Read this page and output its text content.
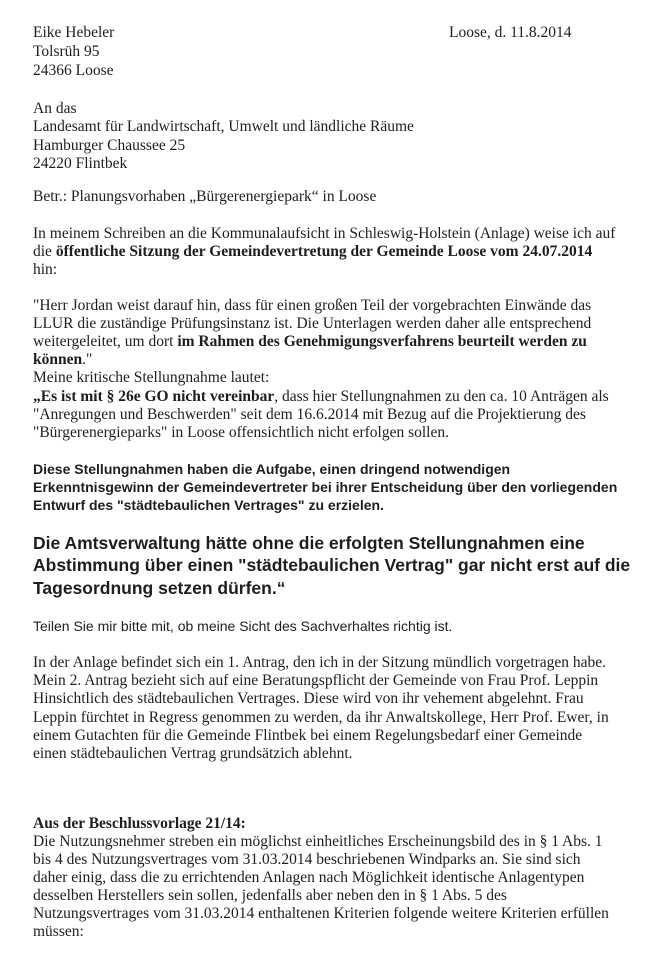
Eike Hebeler
Tolsrüh 95
24366 Loose
Loose, d. 11.8.2014
An das
Landesamt für Landwirtschaft, Umwelt und ländliche Räume
Hamburger Chaussee 25
24220 Flintbek
Betr.: Planungsvorhaben „Bürgerenergiepark“ in Loose
In meinem Schreiben an die Kommunalaufsicht in Schleswig-Holstein (Anlage) weise ich auf
die öffentliche Sitzung der Gemeindevertretung der Gemeinde Loose vom 24.07.2014
hin:
"Herr Jordan weist darauf hin, dass für einen großen Teil der vorgebrachten Einwände das
LLUR die zuständige Prüfungsinstanz ist. Die Unterlagen werden daher alle entsprechend
weitergeleitet, um dort im Rahmen des Genehmigungsverfahrens beurteilt werden zu
können."
Meine kritische Stellungnahme lautet:
„Es ist mit § 26e GO nicht vereinbar, dass hier Stellungnahmen zu den ca. 10 Anträgen als
"Anregungen und Beschwerden" seit dem 16.6.2014 mit Bezug auf die Projektierung des
"Bürgerenergieparks" in Loose offensichtlich nicht erfolgen sollen.
Diese Stellungnahmen haben die Aufgabe, einen dringend notwendigen
Erkenntnisgewinn der Gemeindevertreter bei ihrer Entscheidung über den vorliegenden
Entwurf des "städtebaulichen Vertrages" zu erzielen.
Die Amtsverwaltung hätte ohne die erfolgten Stellungnahmen eine
Abstimmung über einen "städtebaulichen Vertrag" gar nicht erst auf die
Tagesordnung setzen dürfen.“
Teilen Sie mir bitte mit, ob meine Sicht des Sachverhaltes richtig ist.
In der Anlage befindet sich ein 1. Antrag, den ich in der Sitzung mündlich vorgetragen habe.
Mein 2. Antrag bezieht sich auf eine Beratungspflicht der Gemeinde von Frau Prof. Leppin
Hinsichtlich des städtebaulichen Vertrages. Diese wird von ihr vehement abgelehnt. Frau
Leppin fürchtet in Regress genommen zu werden, da ihr Anwaltskollege, Herr Prof. Ewer, in
einem Gutachten für die Gemeinde Flintbek bei einem Regelungsbedarf einer Gemeinde
einen städtebaulichen Vertrag grundsätzich ablehnt.
Aus der Beschlussvorlage 21/14:
Die Nutzungsnehmer streben ein möglichst einheitliches Erscheinungsbild des in § 1 Abs. 1
bis 4 des Nutzungsvertrages vom 31.03.2014 beschriebenen Windparks an. Sie sind sich
daher einig, dass die zu errichtenden Anlagen nach Möglichkeit identische Anlagentypen
desselben Herstellers sein sollen, jedenfalls aber neben den in § 1 Abs. 5 des
Nutzungsvertrages vom 31.03.2014 enthaltenen Kriterien folgende weitere Kriterien erfüllen
müssen:
